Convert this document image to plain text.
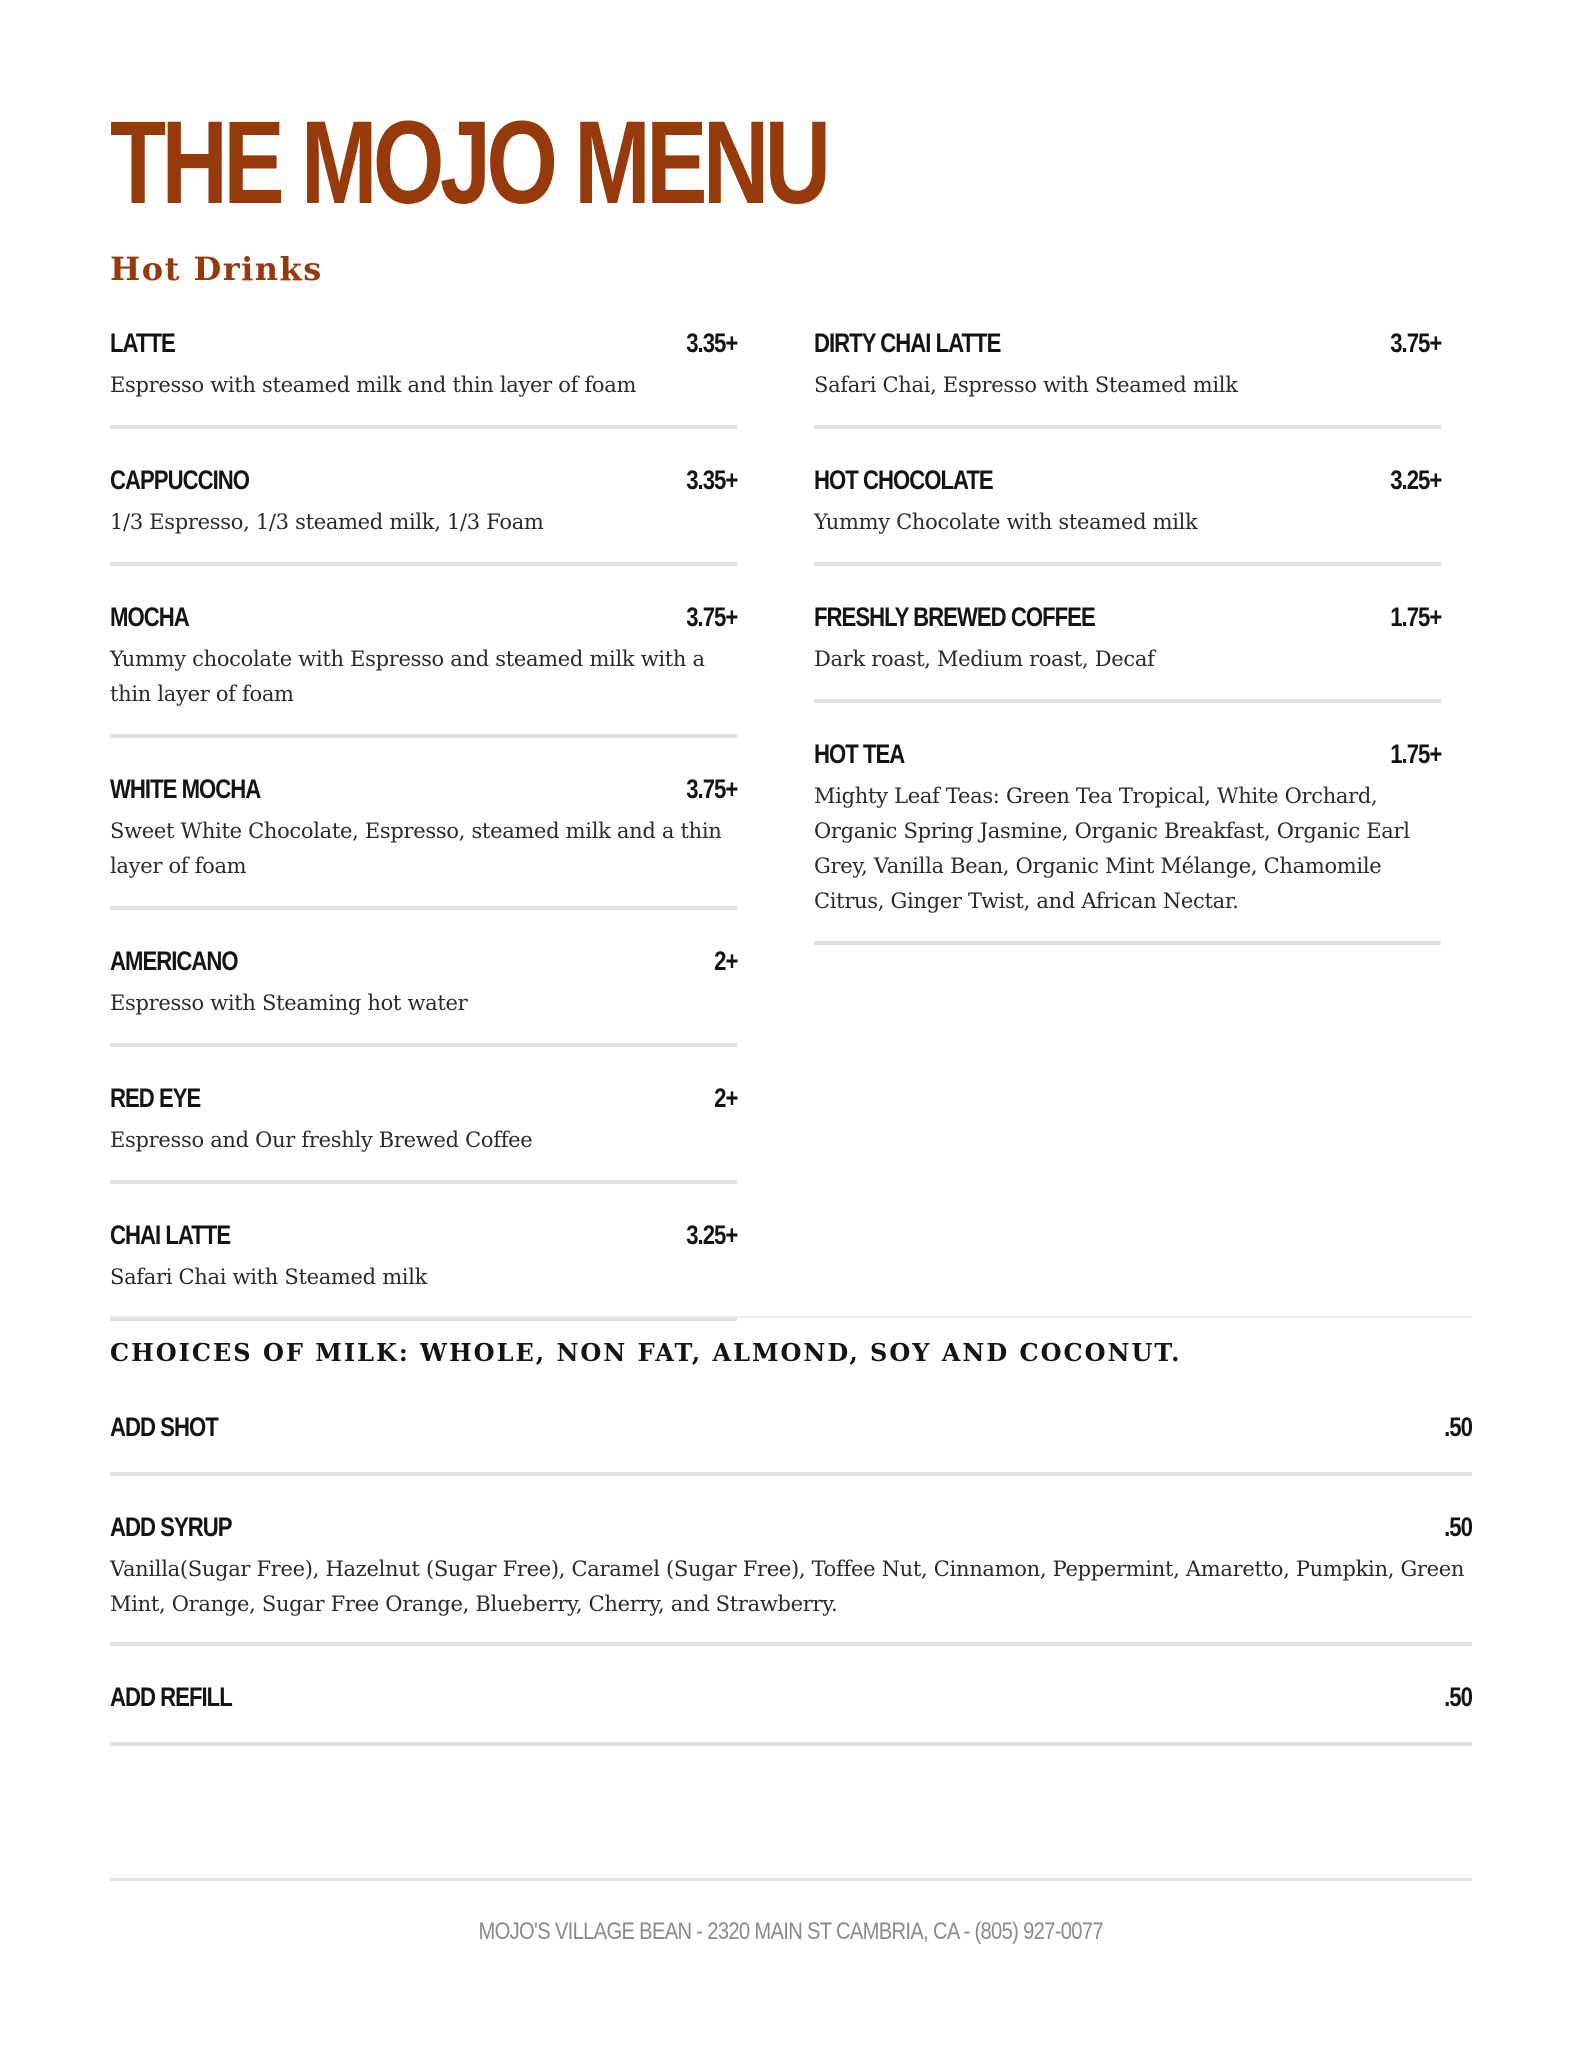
THE MOJO MENU
Hot Drinks
LATTE	3.35+
Espresso with steamed milk and thin layer of foam
CAPPUCCINO	3.35+
1/3 Espresso, 1/3 steamed milk, 1/3 Foam
MOCHA	3.75+
Yummy chocolate with Espresso and steamed milk with a thin layer of foam
WHITE MOCHA	3.75+
Sweet White Chocolate, Espresso, steamed milk and a thin layer of foam
AMERICANO	2+
Espresso with Steaming hot water
RED EYE	2+
Espresso and Our freshly Brewed Coffee
CHAI LATTE	3.25+
Safari Chai with Steamed milk
DIRTY CHAI LATTE	3.75+
Safari Chai, Espresso with Steamed milk
HOT CHOCOLATE	3.25+
Yummy Chocolate with steamed milk
FRESHLY BREWED COFFEE	1.75+
Dark roast, Medium roast, Decaf
HOT TEA	1.75+
Mighty Leaf Teas: Green Tea Tropical, White Orchard, Organic Spring Jasmine, Organic Breakfast, Organic Earl Grey, Vanilla Bean, Organic Mint Mélange, Chamomile Citrus, Ginger Twist, and African Nectar.
CHOICES OF MILK: WHOLE, NON FAT, ALMOND, SOY AND COCONUT.
ADD SHOT	.50
ADD SYRUP	.50
Vanilla(Sugar Free), Hazelnut (Sugar Free), Caramel (Sugar Free), Toffee Nut, Cinnamon, Peppermint, Amaretto, Pumpkin, Green Mint, Orange, Sugar Free Orange, Blueberry, Cherry, and Strawberry.
ADD REFILL	.50
MOJO'S VILLAGE BEAN - 2320 MAIN ST CAMBRIA, CA - (805) 927-0077
